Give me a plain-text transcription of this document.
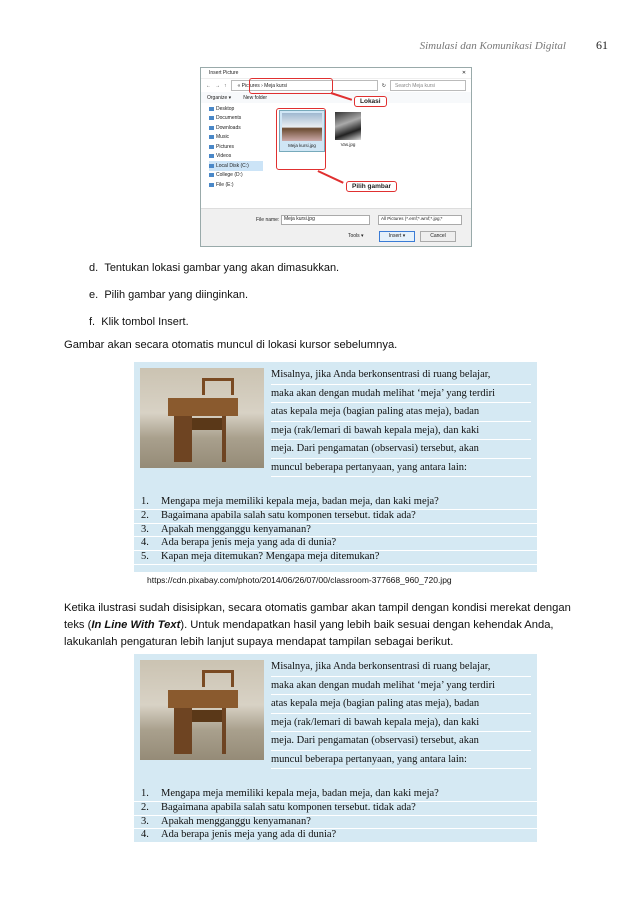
Simulasi dan Komunikasi Digital	61
Insert Picture	✕
← → ↑ « Pictures › Meja kursi	↻ Search Meja kursi
Organize ▾ New folder
Desktop
Documents
Downloads
Music
Pictures
Videos
Local Disk (C:)
College (D:)
File (E:)
Meja kursi.jpg	Vas.jpg
File name: Meja kursi.jpg	All Pictures (*.emf;*.wmf;*.jpg;*
Tools ▾	Insert ▾	Cancel
Lokasi
Pilih gambar
d. Tentukan lokasi gambar yang akan dimasukkan.
e. Pilih gambar yang diinginkan.
f. Klik tombol Insert.
Gambar akan secara otomatis muncul di lokasi kursor sebelumnya.
Misalnya, jika Anda berkonsentrasi di ruang belajar,
maka akan dengan mudah melihat ‘meja’ yang terdiri
atas kepala meja (bagian paling atas meja), badan
meja (rak/lemari di bawah kepala meja), dan kaki
meja. Dari pengamatan (observasi) tersebut, akan
muncul beberapa pertanyaan, yang antara lain:
1.	Mengapa meja memiliki kepala meja, badan meja, dan kaki meja?
2.	Bagaimana apabila salah satu komponen tersebut. tidak ada?
3.	Apakah mengganggu kenyamanan?
4.	Ada berapa jenis meja yang ada di dunia?
5.	Kapan meja ditemukan? Mengapa meja ditemukan?
https://cdn.pixabay.com/photo/2014/06/26/07/00/classroom-377668_960_720.jpg
Ketika ilustrasi sudah disisipkan, secara otomatis gambar akan tampil dengan kondisi merekat dengan
teks (In Line With Text). Untuk mendapatkan hasil yang lebih baik sesuai dengan kehendak Anda,
lakukanlah pengaturan lebih lanjut supaya mendapat tampilan sebagai berikut.
Misalnya, jika Anda berkonsentrasi di ruang belajar,
maka akan dengan mudah melihat ‘meja’ yang terdiri
atas kepala meja (bagian paling atas meja), badan
meja (rak/lemari di bawah kepala meja), dan kaki
meja. Dari pengamatan (observasi) tersebut, akan
muncul beberapa pertanyaan, yang antara lain:
1.	Mengapa meja memiliki kepala meja, badan meja, dan kaki meja?
2.	Bagaimana apabila salah satu komponen tersebut. tidak ada?
3.	Apakah mengganggu kenyamanan?
4.	Ada berapa jenis meja yang ada di dunia?
